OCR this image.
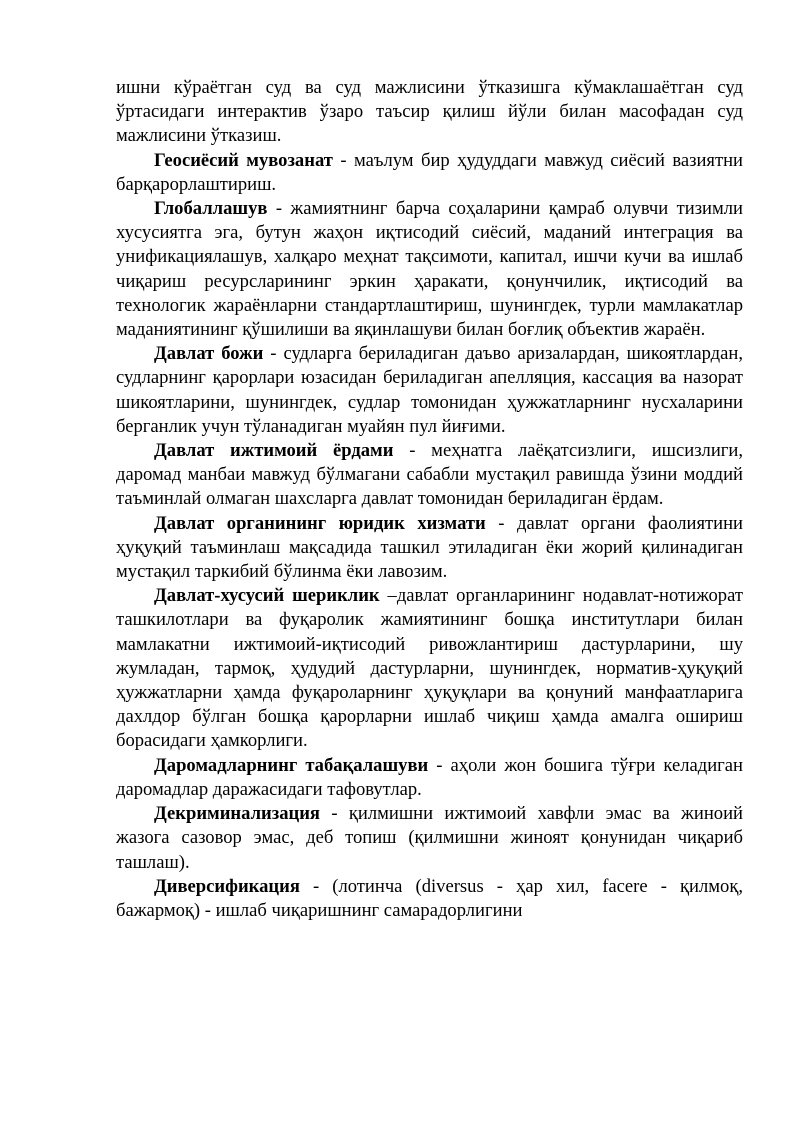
ишни кўраётган суд ва суд мажлисини ўтказишга кўмаклашаётган суд ўртасидаги интерактив ўзаро таъсир қилиш йўли билан масофадан суд мажлисини ўтказиш.

Геосиёсий мувозанат - маълум бир ҳудуддаги мавжуд сиёсий вазиятни барқарорлаштириш.

Глобаллашув - жамиятнинг барча соҳаларини қамраб олувчи тизимли хусусиятга эга, бутун жаҳон иқтисодий сиёсий, маданий интеграция ва унификациялашув, халқаро меҳнат тақсимоти, капитал, ишчи кучи ва ишлаб чиқариш ресурсларининг эркин ҳаракати, қонунчилик, иқтисодий ва технологик жараёнларни стандартлаштириш, шунингдек, турли мамлакатлар маданиятининг қўшилиши ва яқинлашуви билан боғлиқ объектив жараён.

Давлат божи - судларга бериладиган даъво аризалардан, шикоятлардан, судларнинг қарорлари юзасидан бериладиган апелляция, кассация ва назорат шикоятларини, шунингдек, судлар томонидан ҳужжатларнинг нусхаларини берганлик учун тўланадиган муайян пул йиғими.

Давлат ижтимоий ёрдами - меҳнатга лаёқатсизлиги, ишсизлиги, даромад манбаи мавжуд бўлмагани сабабли мустақил равишда ўзини моддий таъминлай олмаган шахсларга давлат томонидан бериладиган ёрдам.

Давлат органининг юридик хизмати - давлат органи фаолиятини ҳуқуқий таъминлаш мақсадида ташкил этиладиган ёки жорий қилинадиган мустақил таркибий бўлинма ёки лавозим.

Давлат-хусусий шериклик –давлат органларининг нодавлат-нотижорат ташкилотлари ва фуқаролик жамиятининг бошқа институтлари билан мамлакатни ижтимоий-иқтисодий ривожлантириш дастурларини, шу жумладан, тармоқ, ҳудудий дастурларни, шунингдек, норматив-ҳуқуқий ҳужжатларни ҳамда фуқароларнинг ҳуқуқлари ва қонуний манфаатларига дахлдор бўлган бошқа қарорларни ишлаб чиқиш ҳамда амалга ошириш борасидаги ҳамкорлиги.

Даромадларнинг табақалашуви - аҳоли жон бошига тўғри келадиган даромадлар даражасидаги тафовутлар.

Декриминализация - қилмишни ижтимоий хавфли эмас ва жиноий жазога сазовор эмас, деб топиш (қилмишни жиноят қонунидан чиқариб ташлаш).

Диверсификация - (лотинча (diversus - ҳар хил, facere - қилмоқ, бажармоқ) - ишлаб чиқаришнинг самарадорлигини
